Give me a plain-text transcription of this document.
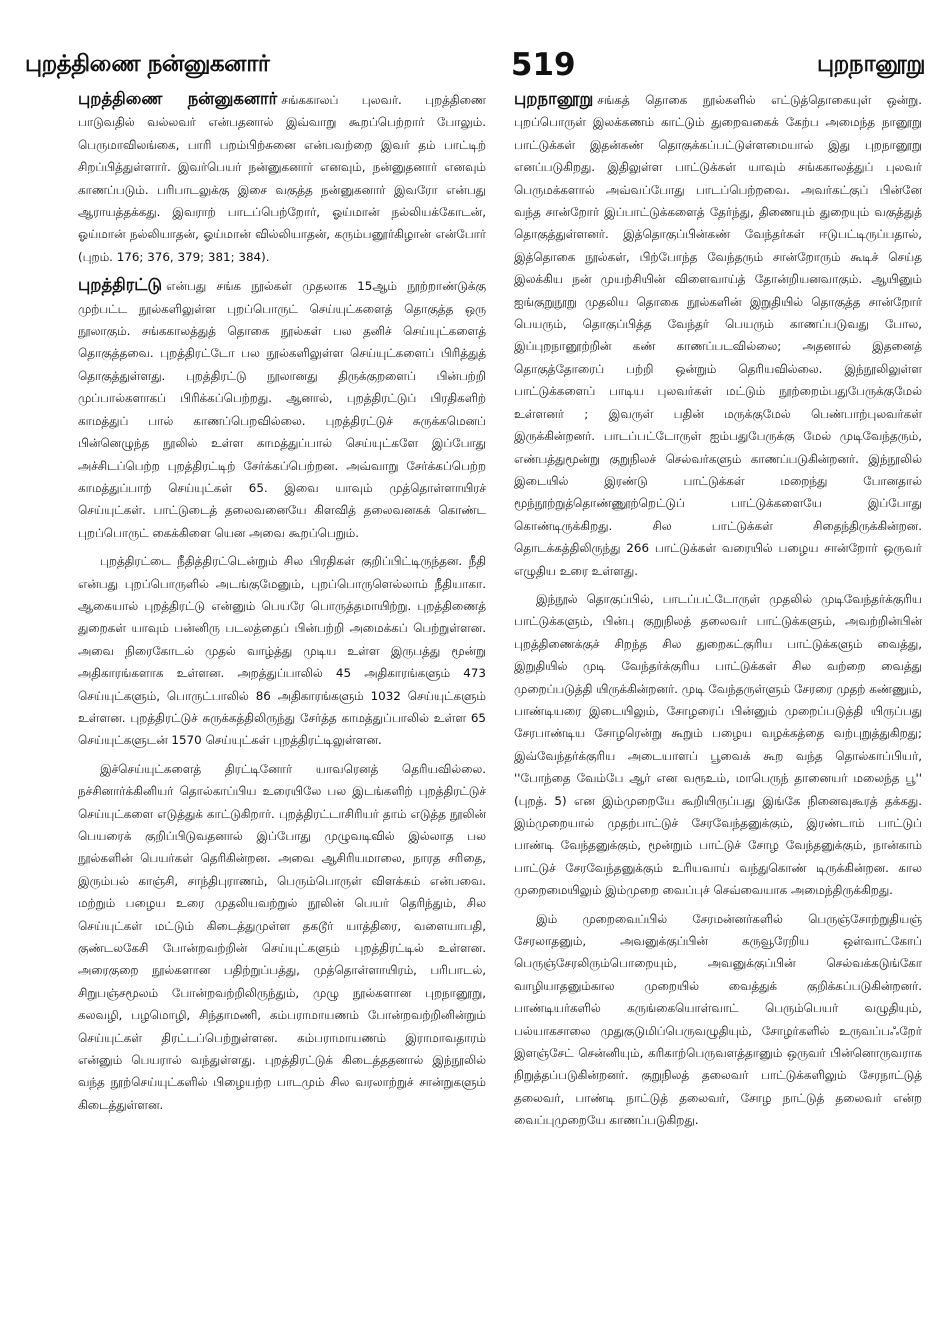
புறத்திணை நன்னுகனார்	519	புறநானூறு

புறத்திணை நன்னுகனார் சங்ககாலப் புலவர். புறத்திணை பாடுவதில் வல்லவர் என்பதனால் இவ்வாறு கூறப்பெற்றார் போலும். பெருமாவிலங்கை, பாரி பறம்பிற்சுனை என்பவற்றை இவர் தம் பாட்டிற் சிறப்பித்துள்ளார். இவர்பெயர் நன்னுகனார் எனவும், நன்னுதனார் எனவும் காணப்படும். பரிபாடலுக்கு இசை வகுத்த நன்னுகனார் இவரோ என்பது ஆராயத்தக்கது. இவராற் பாடப்பெற்றோர், ஓய்மான் நல்லியக்கோடன், ஓய்மான் நல்லியாதன், ஓய்மான் வில்லியாதன், கரும்பனூர்கிழான் என்போர் (புறம். 176; 376, 379; 381; 384).

புறத்திரட்டு என்பது சங்க நூல்கள் முதலாக 15ஆம் நூற்றாண்டுக்கு முற்பட்ட நூல்களிலுள்ள புறப்பொருட் செய்யுட்களைத் தொகுத்த ஒரு நூலாகும். சங்ககாலத்துத் தொகை நூல்கள் பல தனிச் செய்யுட்களைத் தொகுத்தவை. புறத்திரட்டோ பல நூல்களிலுள்ள செய்யுட்களைப் பிரித்துத் தொகுத்துள்ளது. புறத்திரட்டு நூலானது திருக்குறளைப் பின்பற்றி முப்பால்களாகப் பிரிக்கப்பெற்றது. ஆனால், புறத்திரட்டுப் பிரதிகளிற் காமத்துப் பால் காணப்பெறவில்லை. புறத்திரட்டுச் சுருக்கமெனப் பின்னெழுந்த நூலில் உள்ள காமத்துப்பால் செய்யுட்களே இப்போது அச்சிடப்பெற்ற புறத்திரட்டிற் சேர்க்கப்பெற்றன. அவ்வாறு சேர்க்கப்பெற்ற காமத்துப்பாற் செய்யுட்கள் 65. இவை யாவும் முத்தொள்ளாயிரச் செய்யுட்கள். பாட்டுடைத் தலைவனையே கிளவித் தலைவனகக் கொண்ட புறப்பொருட் கைக்கிளை யென அவை கூறப்பெறும்.

புறத்திரட்டை நீதித்திரட்டென்றும் சில பிரதிகள் குறிப்பிட்டிருந்தன. நீதி என்பது புறப்பொருளில் அடங்குமேனும், புறப்பொருளெல்லாம் நீதியாகா. ஆகையால் புறத்திரட்டு என்னும் பெயரே பொருத்தமாயிற்று. புறத்திணைத் துறைகள் யாவும் பன்னிரு படலத்தைப் பின்பற்றி அமைக்கப் பெற்றுள்ளன. அவை நிரைகோடல் முதல் வாழ்த்து முடிய உள்ள இருபத்து மூன்று அதிகாரங்களாக உள்ளன. அறத்துப்பாலில் 45 அதிகாரங்களும் 473 செய்யுட்களும், பொருட்பாலில் 86 அதிகாரங்களும் 1032 செய்யுட்களும் உள்ளன. புறத்திரட்டுச் சுருக்கத்திலிருந்து சேர்த்த காமத்துப்பாலில் உள்ள 65 செய்யுட்களுடன் 1570 செய்யுட்கள் புறத்திரட்டிலுள்ளன.

இச்செய்யுட்களைத் திரட்டினோர் யாவரெனத் தெரியவில்லை. நச்சினார்க்கினியர் தொல்காப்பிய உரையிலே பல இடங்களிற் புறத்திரட்டுச் செய்யுட்களை எடுத்துக் காட்டுகிறார். புறத்திரட்டாசிரியர் தாம் எடுத்த நூலின் பெயரைக் குறிப்பிடுவதனால் இப்போது முழுவடிவில் இல்லாத பல நூல்களின் பெயர்கள் தெரிகின்றன. அவை ஆசிரியமாலை, நாரத சரிதை, இரும்பல் காஞ்சி, சாந்திபுராணம், பெரும்பொருள் விளக்கம் என்பவை. மற்றும் பழைய உரை முதலியவற்றுல் நூலின் பெயர் தெரிந்தும், சில செய்யுட்கள் மட்டும் கிடைத்துமுள்ள தகடூர் யாத்திரை, வளையாபதி, குண்டலகேசி போன்றவற்றின் செய்யுட்களும் புறத்திரட்டில் உள்ளன. அரைகுறை நூல்களான பதிற்றுப்பத்து, முத்தொள்ளாயிரம், பரிபாடல், சிறுபஞ்சமூலம் போன்றவற்றிலிருந்தும், முழு நூல்களான புறநானூறு, கலவழி, பழமொழி, சிந்தாமணி, கம்பராமாயணம் போன்றவற்றினின்றும் செய்யுட்கள் திரட்டப்பெற்றுள்ளன. கம்பராமாயணம் இராமாவதாரம் என்னும் பெயரால் வந்துள்ளது. புறத்திரட்டுக் கிடைத்ததனால் இந்நூலில் வந்த நூற்செய்யுட்களில் பிழையற்ற பாடமும் சில வரலாற்றுச் சான்றுகளும் கிடைத்துள்ளன.

புறநானூறு சங்கத் தொகை நூல்களில் எட்டுத்தொகையுள் ஒன்று. புறப்பொருள் இலக்கணம் காட்டும் துறைவகைக் கேற்ப அமைந்த நானூறு பாட்டுக்கள் இதன்கண் தொகுக்கப்பட்டுள்ளமையால் இது புறநானூறு எனப்படுகிறது. இதிலுள்ள பாட்டுக்கள் யாவும் சங்ககாலத்துப் புலவர் பெருமக்களால் அவ்வப்போது பாடப்பெற்றவை. அவர்கட்குப் பின்னே வந்த சான்றோர் இப்பாட்டுக்களைத் தேர்ந்து, திணையும் துறையும் வகுத்துத் தொகுத்துள்ளனர். இத்தொகுப்பின்கண் வேந்தர்கள் ஈடுபட்டிருப்பதால், இத்தொகை நூல்கள், பிற்போந்த வேந்தரும் சான்றோரும் கூடிச் செய்த இலக்கிய நன் முயற்சியின் விளைவாய்த் தோன்றியனவாகும். ஆயினும் ஐங்குறுநூறு முதலிய தொகை நூல்களின் இறுதியில் தொகுத்த சான்றோர் பெயரும், தொகுப்பித்த வேந்தர் பெயரும் காணப்படுவது போல, இப்புறநானூற்றின் கண் காணப்படவில்லை; அதனால் இதனைத் தொகுத்தோரைப் பற்றி ஒன்றும் தெரியவில்லை. இந்நூலிலுள்ள பாட்டுக்களைப் பாடிய புலவர்கள் மட்டும் நூற்றைம்பதுபேருக்குமேல் உள்ளனர் ; இவருள் பதின் மருக்குமேல் பெண்பாற்புலவர்கள் இருக்கின்றனர். பாடப்பட்டோருள் ஐம்பதுபேருக்கு மேல் முடிவேந்தரும், எண்பத்துமூன்று குறுநிலச் செல்வர்களும் காணப்படுகின்றனர். இந்நூலில் இடையில் இரண்டு பாட்டுக்கள் மறைந்து போனதால் மூந்நூற்றுத்தொண்ணூற்றெட்டுப் பாட்டுக்களையே இப்போது கொண்டிருக்கிறது. சில பாட்டுக்கள் சிதைந்திருக்கின்றன. தொடக்கத்திலிருந்து 266 பாட்டுக்கள் வரையில் பழைய சான்றோர் ஒருவர் எழுதிய உரை உள்ளது.

இந்நூல் தொகுப்பில், பாடப்பட்டோருள் முதலில் முடிவேந்தர்க்குரிய பாட்டுக்களும், பின்பு குறுநிலத் தலைவர் பாட்டுக்களும், அவற்றின்பின் புறத்திணைக்குச் சிறந்த சில துறைகட்குரிய பாட்டுக்களும் வைத்து, இறுதியில் முடி வேந்தர்க்குரிய பாட்டுக்கள் சில வற்றை வைத்து முறைப்படுத்தி யிருக்கின்றனர். முடி வேந்தருள்ளும் சேரரை முதற் கண்ணும், பாண்டியரை இடையிலும், சோழரைப் பின்னும் முறைப்படுத்தி யிருப்பது சேரபாண்டிய சோழரென்று கூறும் பழைய வழக்கத்தை வற்புறுத்துகிறது; இவ்வேந்தர்க்குரிய அடையாளப் பூவைக் கூற வந்த தொல்காப்பியர், ''போந்தை வேம்பே ஆர் என வரூஉம், மாபெருந் தானையர் மலைந்த பூ'' (புறத். 5) என இம்முறையே கூறியிருப்பது இங்கே நினைவுகூரத் தக்கது. இம்முறையால் முதற்பாட்டுச் சேரவேந்தனுக்கும், இரண்டாம் பாட்டுப் பாண்டி வேந்தனுக்கும், மூன்றும் பாட்டுச் சோழ வேந்தனுக்கும், நான்காம் பாட்டுச் சேரவேந்தனுக்கும் உரியவாய் வந்துகொண் டிருக்கின்றன. கால முறைமையிலும் இம்முறை வைப்புச் செவ்வையாக அமைந்திருக்கிறது.

இம் முறைவைப்பில் சேரமன்னர்களில் பெருஞ்சோற்றுதியஞ் சேரலாதனும், அவனுக்குப்பின் கருவூரேறிய ஒள்வாட்கோப் பெருஞ்சேரலிரும்பொறையும், அவனுக்குப்பின் செல்வக்கடுங்கோ வாழியாதனும்கால முறையில் வைத்துக் குறிக்கப்படுகின்றனர். பாண்டியர்களில் கருங்கையொள்வாட் பெரும்பெயர் வழுதியும், பல்யாகசாலை முதுகுடுமிப்பெருவழுதியும், சோழர்களில் உருவப்பஃறேர் இளஞ்சேட் சென்னியும், கரிகாற்பெருவளத்தானும் ஒருவர் பின்னொருவராக நிறுத்தப்படுகின்றனர். குறுநிலத் தலைவர் பாட்டுக்களிலும் சேரநாட்டுத் தலைவர், பாண்டி நாட்டுத் தலைவர், சோழ நாட்டுத் தலைவர் என்ற வைப்புமுறையே காணப்படுகிறது.
